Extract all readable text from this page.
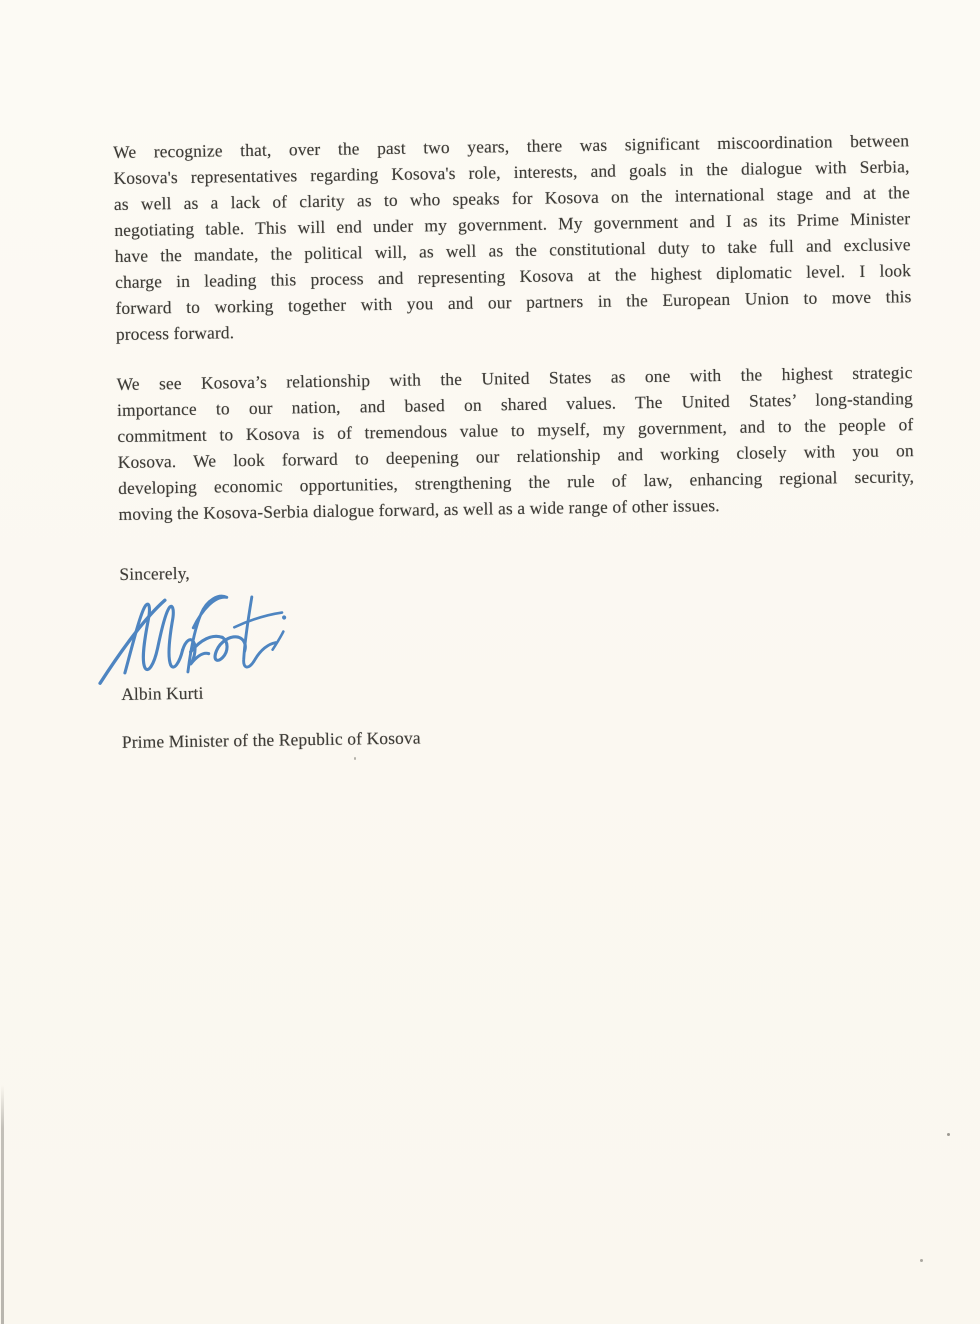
We recognize that, over the past two years, there was significant miscoordination between
Kosova's representatives regarding Kosova's role, interests, and goals in the dialogue with Serbia,
as well as a lack of clarity as to who speaks for Kosova on the international stage and at the
negotiating table. This will end under my government. My government and I as its Prime Minister
have the mandate, the political will, as well as the constitutional duty to take full and exclusive
charge in leading this process and representing Kosova at the highest diplomatic level. I look
forward to working together with you and our partners in the European Union to move this
process forward.
We see Kosova’s relationship with the United States as one with the highest strategic
importance to our nation, and based on shared values. The United States’ long-standing
commitment to Kosova is of tremendous value to myself, my government, and to the people of
Kosova. We look forward to deepening our relationship and working closely with you on
developing economic opportunities, strengthening the rule of law, enhancing regional security,
moving the Kosova-Serbia dialogue forward, as well as a wide range of other issues.
Sincerely,
Albin Kurti
Prime Minister of the Republic of Kosova
